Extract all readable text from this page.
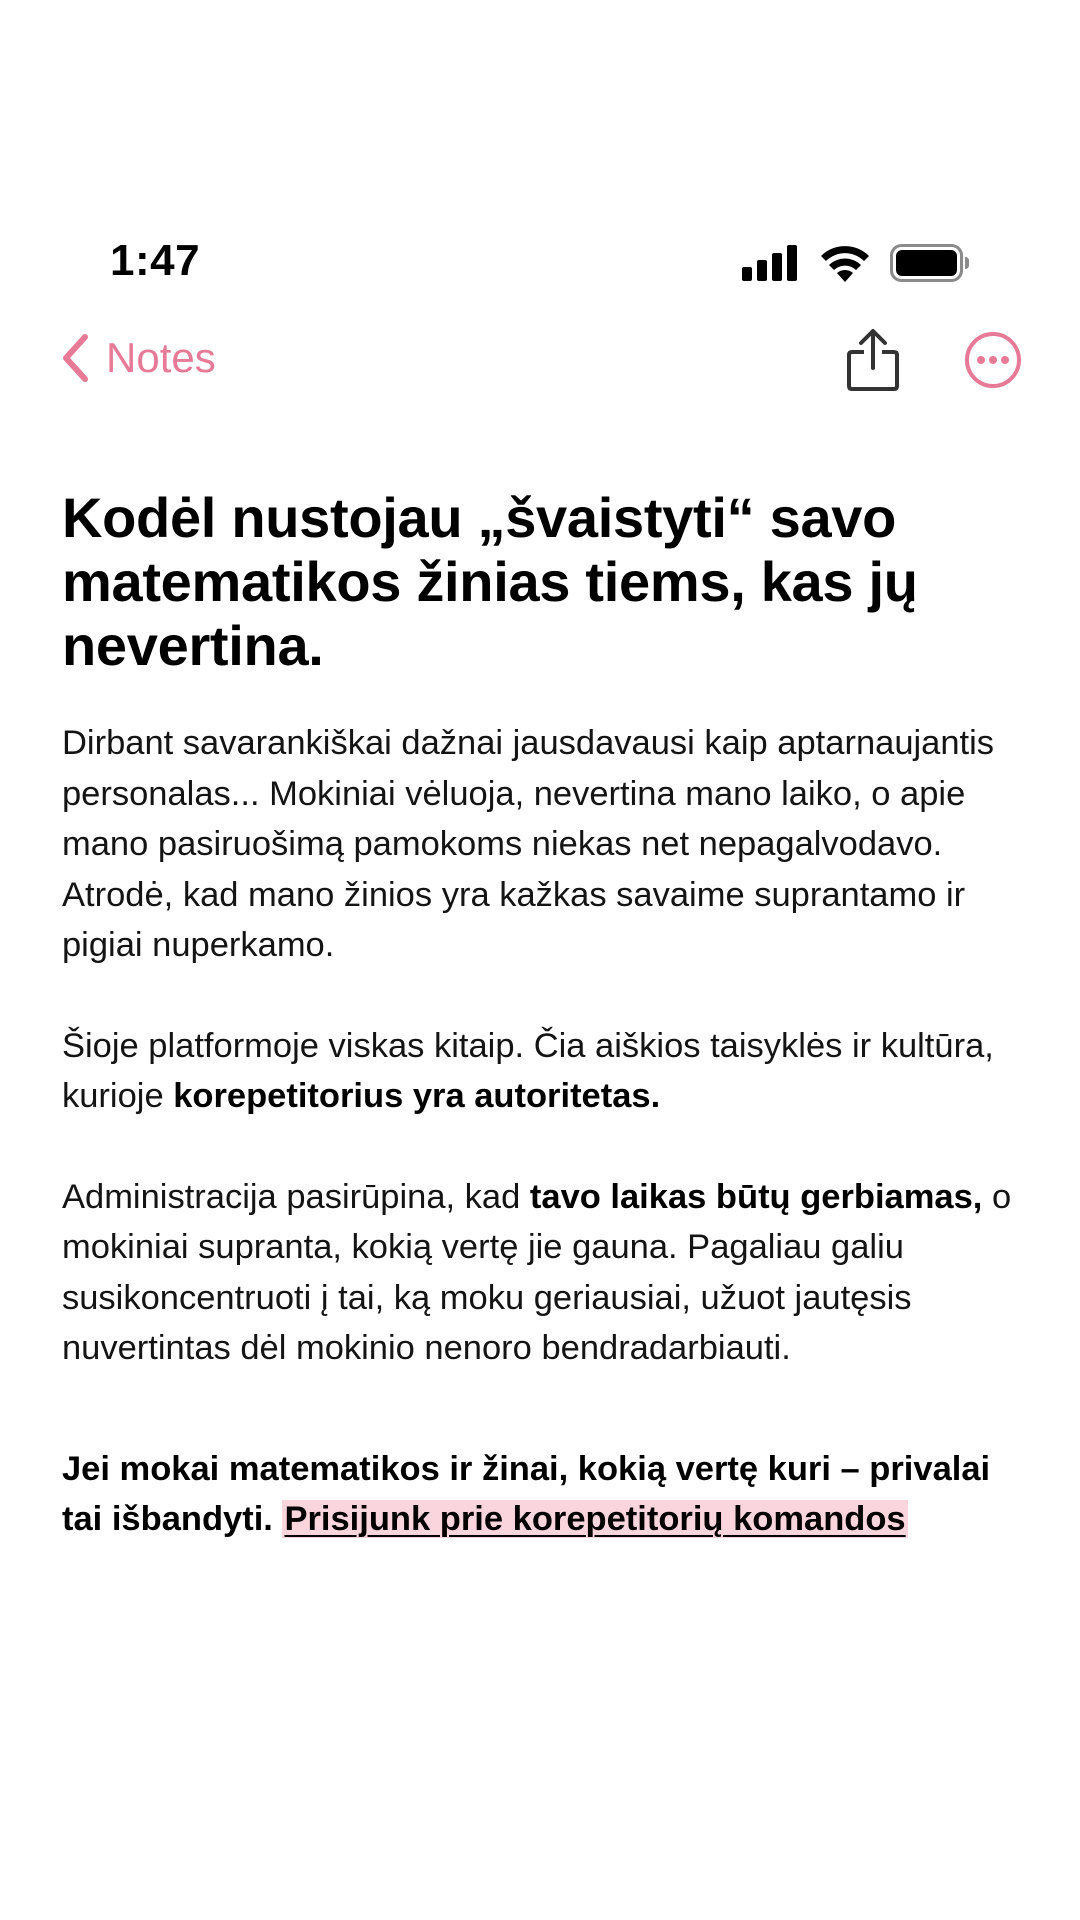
1:47
Notes
Kodėl nustojau „švaistyti“ savo matematikos žinias tiems, kas jų nevertina.

Dirbant savarankiškai dažnai jausdavausi kaip aptarnaujantis personalas... Mokiniai vėluoja, nevertina mano laiko, o apie mano pasiruošimą pamokoms niekas net nepagalvodavo. Atrodė, kad mano žinios yra kažkas savaime suprantamo ir pigiai nuperkamo.

Šioje platformoje viskas kitaip. Čia aiškios taisyklės ir kultūra, kurioje korepetitorius yra autoritetas.

Administracija pasirūpina, kad tavo laikas būtų gerbiamas, o mokiniai supranta, kokią vertę jie gauna. Pagaliau galiu susikoncentruoti į tai, ką moku geriausiai, užuot jautęsis nuvertintas dėl mokinio nenoro bendradarbiauti.

Jei mokai matematikos ir žinai, kokią vertę kuri – privalai tai išbandyti. Prisijunk prie korepetitorių komandos
